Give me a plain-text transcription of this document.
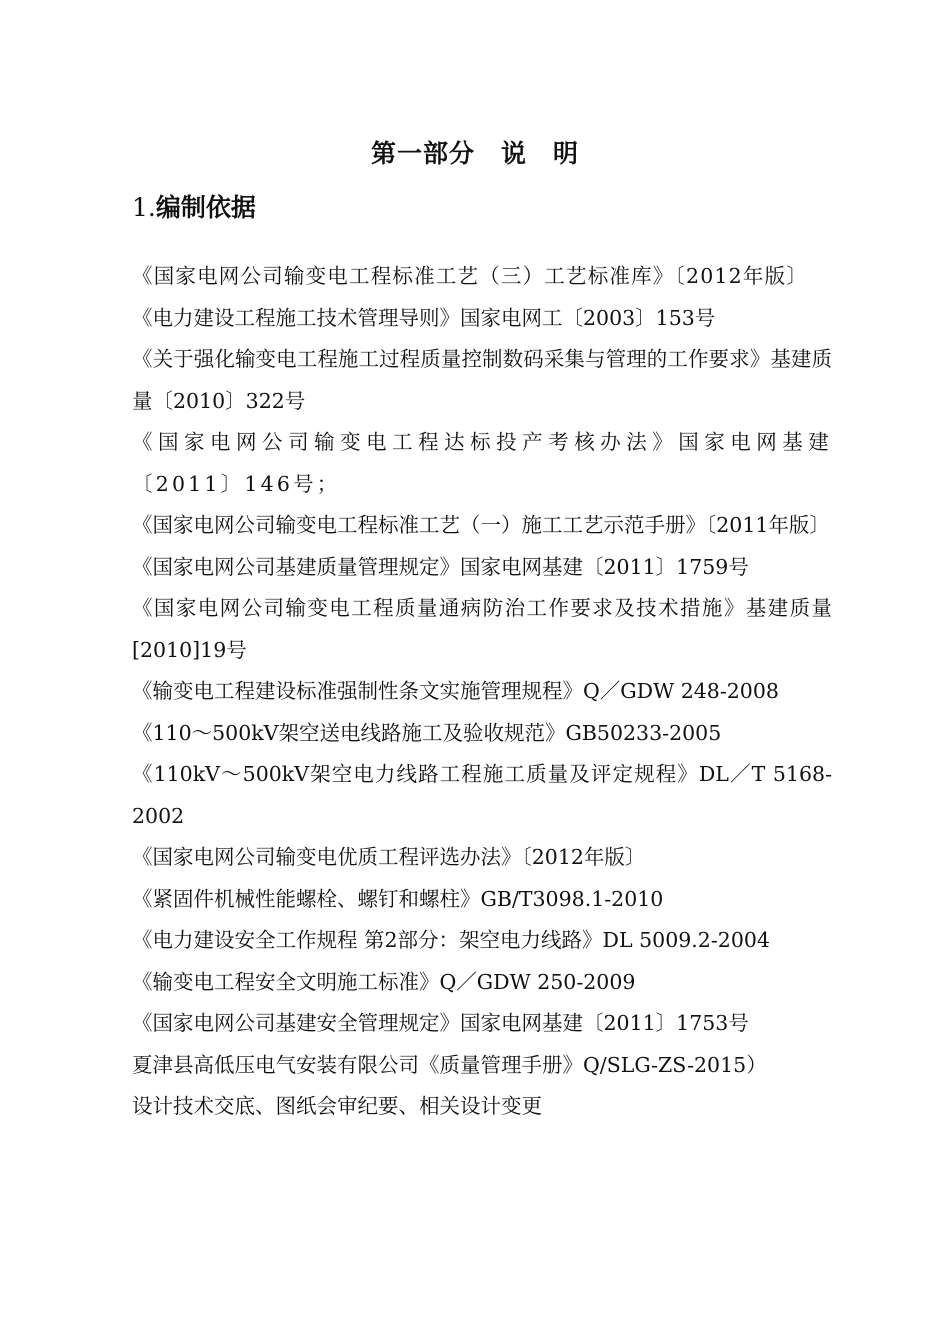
第一部分　说　明
1.编制依据
《国家电网公司输变电工程标准工艺（三）工艺标准库》〔2012年版〕
《电力建设工程施工技术管理导则》国家电网工〔2003〕153号
《关于强化输变电工程施工过程质量控制数码采集与管理的工作要求》基建质量〔2010〕322号
《国家电网公司输变电工程达标投产考核办法》国家电网基建〔2011〕146号；
《国家电网公司输变电工程标准工艺（一）施工工艺示范手册》〔2011年版〕
《国家电网公司基建质量管理规定》国家电网基建〔2011〕1759号
《国家电网公司输变电工程质量通病防治工作要求及技术措施》基建质量[2010]19号
《输变电工程建设标准强制性条文实施管理规程》Q／GDW 248-2008
《110～500kV架空送电线路施工及验收规范》GB50233-2005
《110kV～500kV架空电力线路工程施工质量及评定规程》DL／T 5168-2002
《国家电网公司输变电优质工程评选办法》〔2012年版〕
《紧固件机械性能螺栓、螺钉和螺柱》GB/T3098.1-2010
《电力建设安全工作规程 第2部分：架空电力线路》DL 5009.2-2004
《输变电工程安全文明施工标准》Q／GDW 250-2009
《国家电网公司基建安全管理规定》国家电网基建〔2011〕1753号
夏津县高低压电气安装有限公司《质量管理手册》Q/SLG-ZS-2015）
设计技术交底、图纸会审纪要、相关设计变更
